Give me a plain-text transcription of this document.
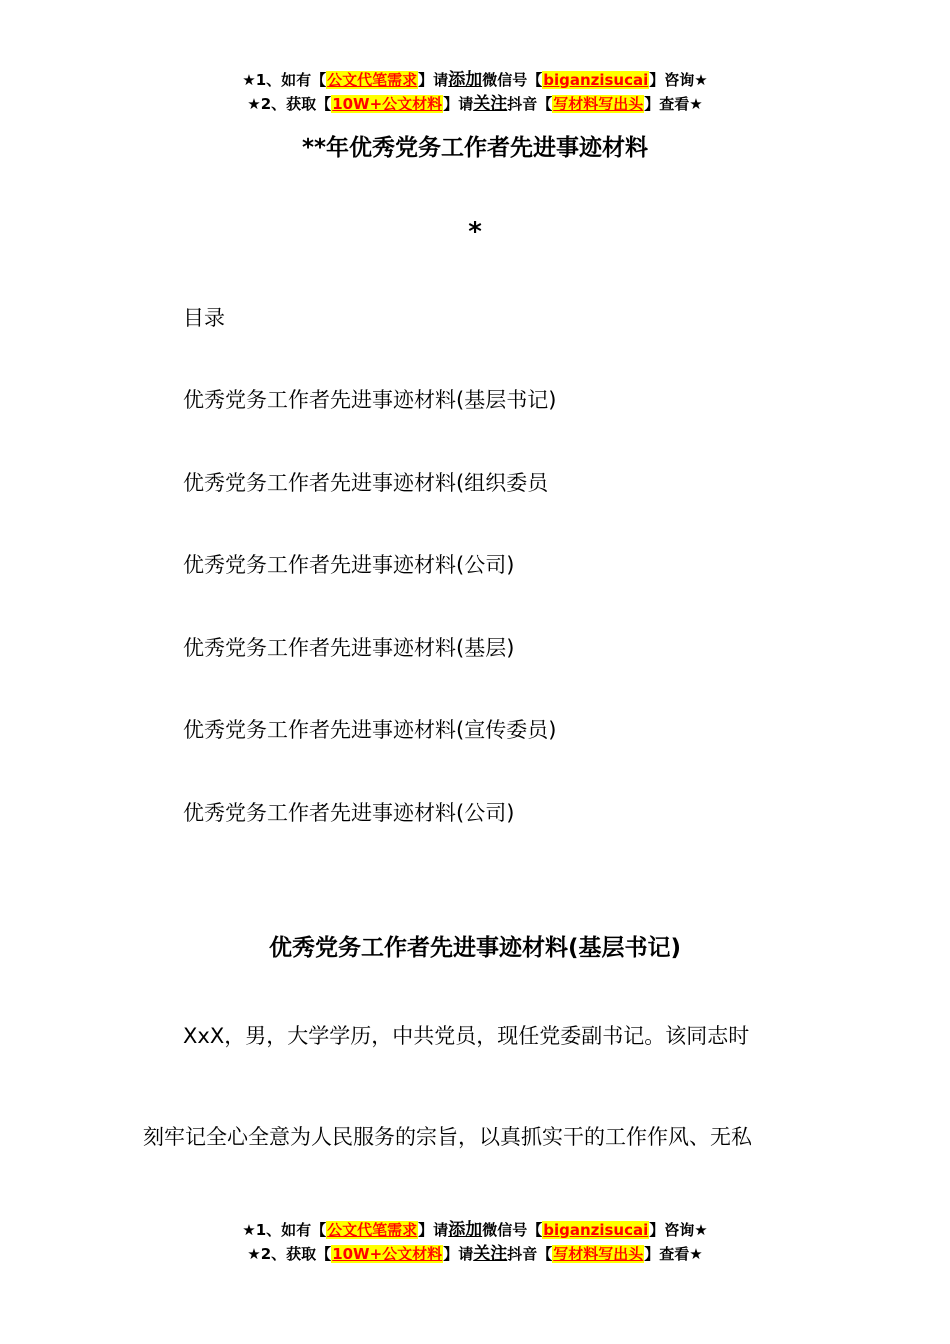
★1、如有【公文代笔需求】请添加微信号【biganzisucai】咨询★
★2、获取【10W+公文材料】请关注抖音【写材料写出头】查看★
**年优秀党务工作者先进事迹材料
*
目录
优秀党务工作者先进事迹材料(基层书记)
优秀党务工作者先进事迹材料(组织委员
优秀党务工作者先进事迹材料(公司)
优秀党务工作者先进事迹材料(基层)
优秀党务工作者先进事迹材料(宣传委员)
优秀党务工作者先进事迹材料(公司)
优秀党务工作者先进事迹材料(基层书记)
XxX，男，大学学历，中共党员，现任党委副书记。该同志时
刻牢记全心全意为人民服务的宗旨，以真抓实干的工作作风、无私
★1、如有【公文代笔需求】请添加微信号【biganzisucai】咨询★
★2、获取【10W+公文材料】请关注抖音【写材料写出头】查看★
